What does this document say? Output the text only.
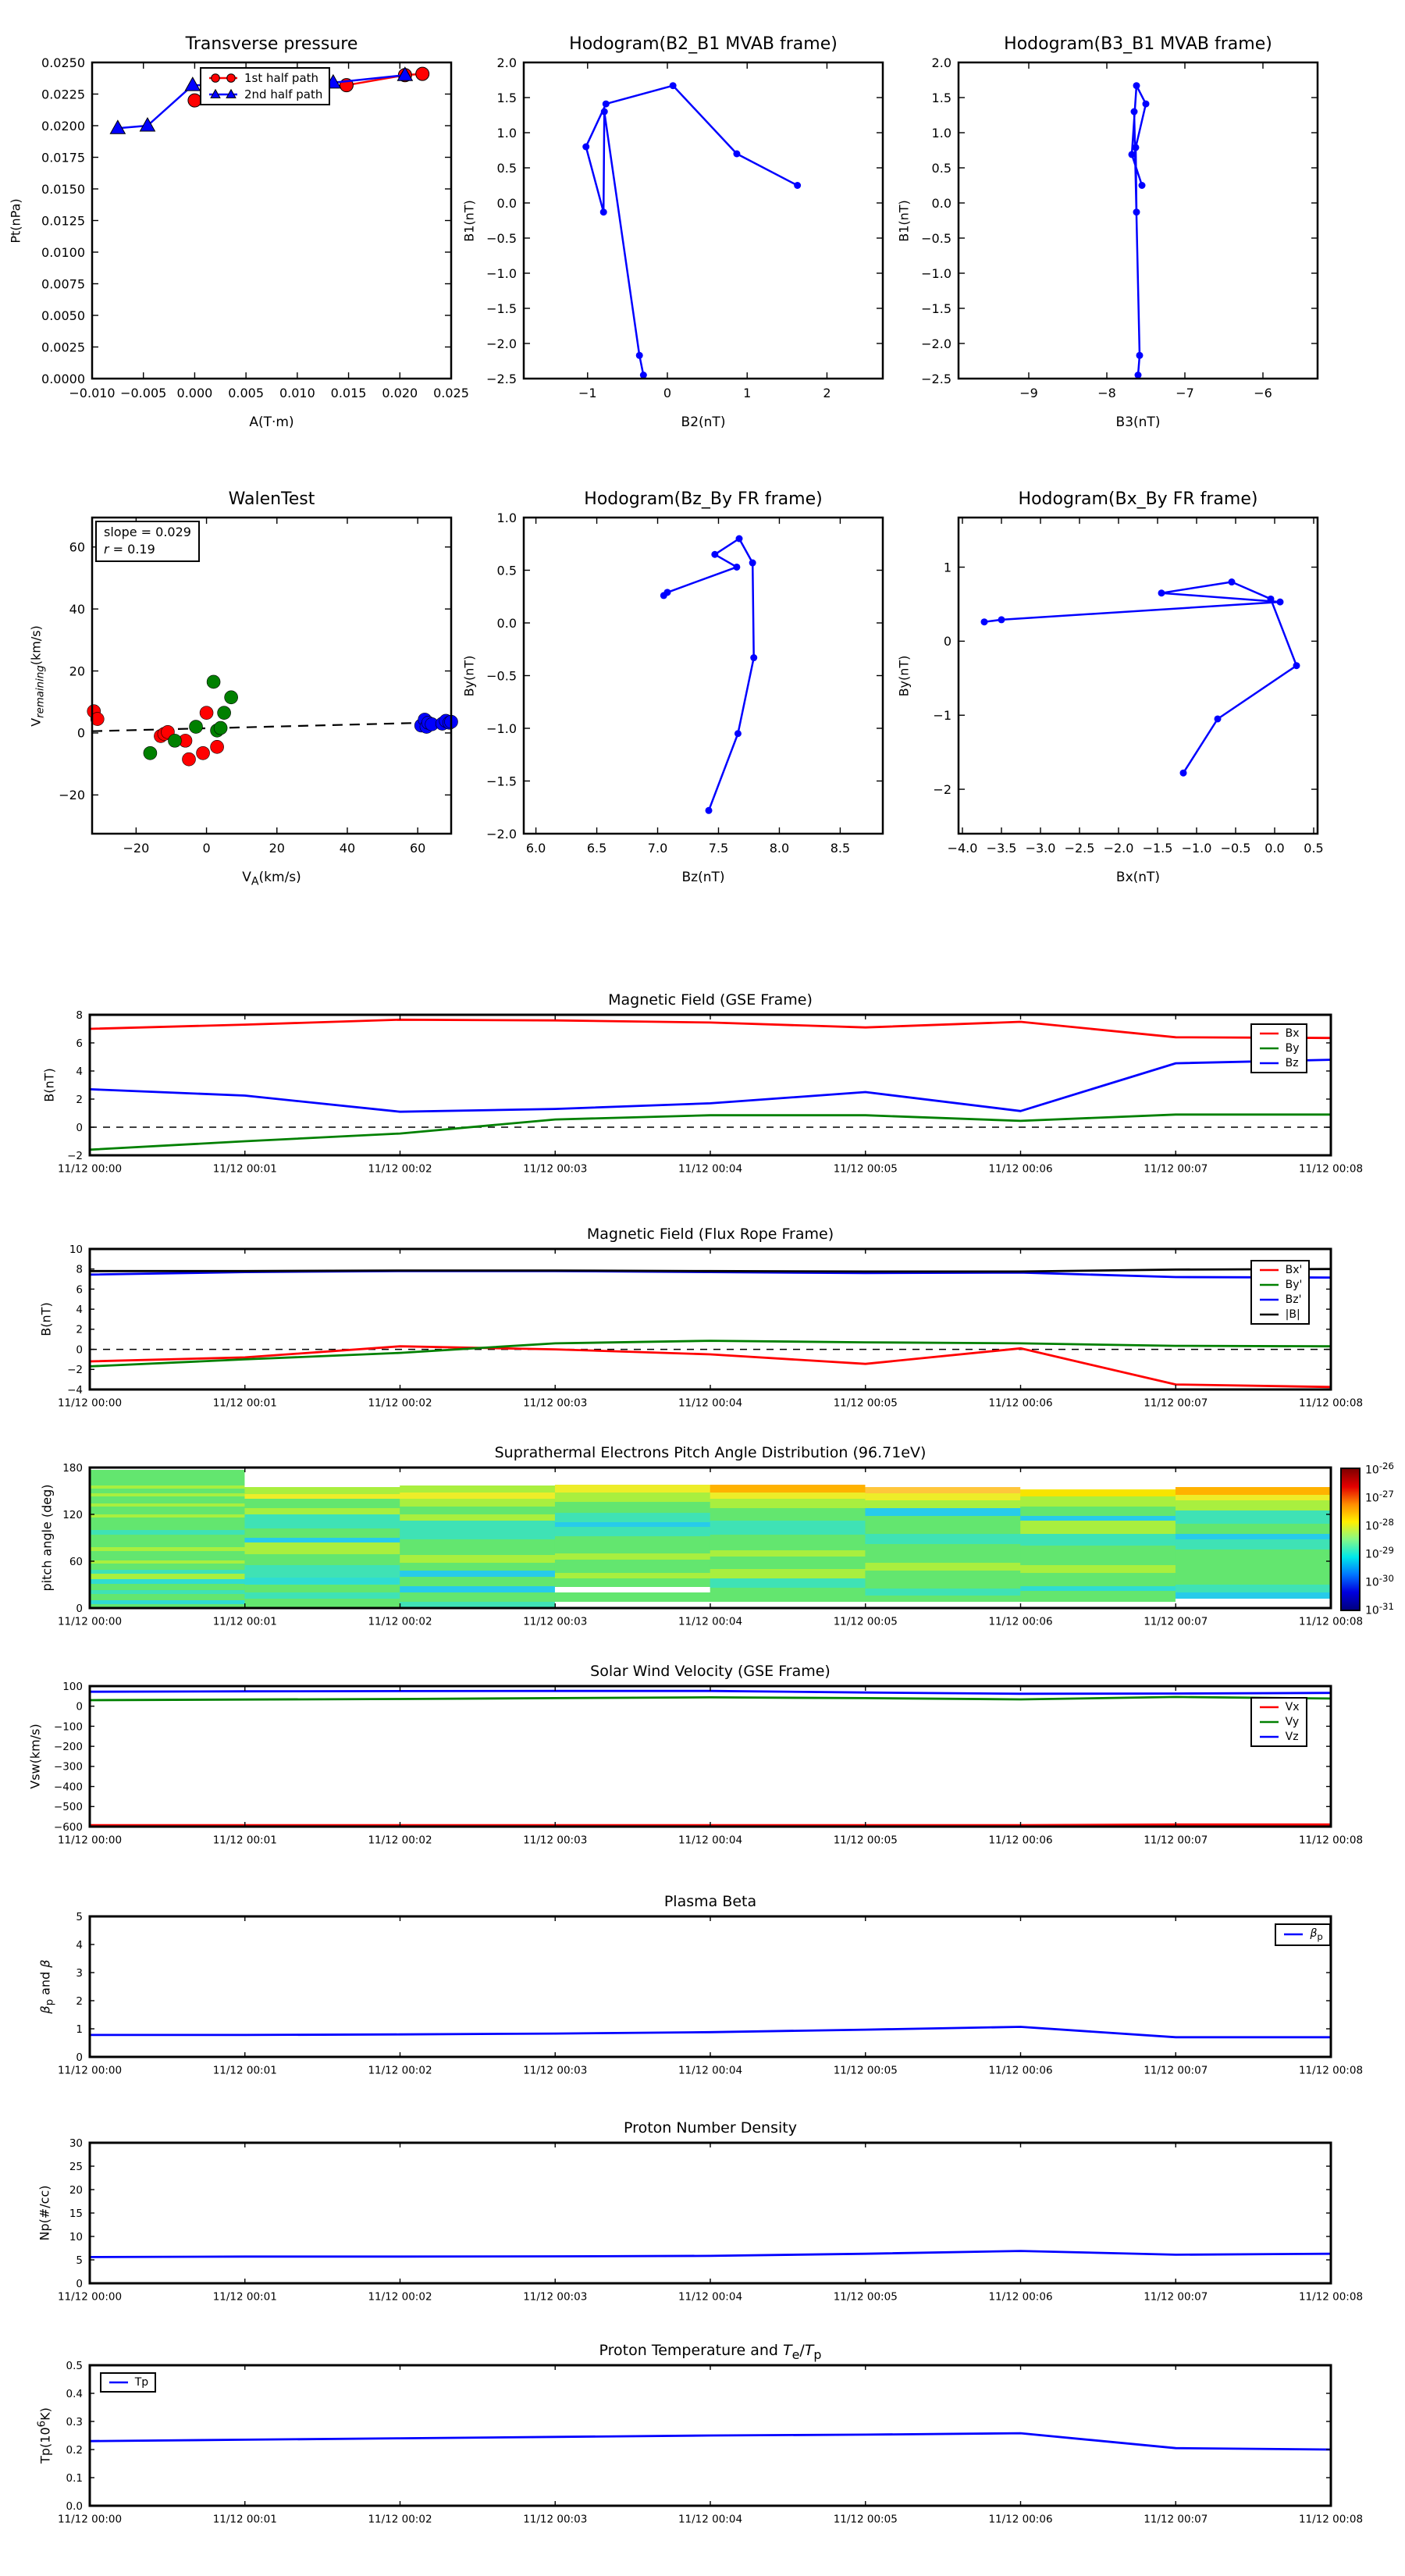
−0.010 −0.005 0.000 0.005 0.010 0.015 0.020 0.025
0.0000
0.0025
0.0050
0.0075
0.0100
0.0125
0.0150
0.0175
0.0200
0.0225
0.0250
Transverse pressure
A(T·m)
Pt(nPa)
1st half path
2nd half path
−1	0	1	2
2.0
1.5
1.0
0.5
0.0
−0.5
−1.0
−1.5
−2.0
−2.5
Hodogram(B2_B1 MVAB frame)
B2(nT)
B1(nT)
−9	−8	−7	−6
2.0
1.5
1.0
0.5
0.0
−0.5
−1.0
−1.5
−2.0
−2.5
Hodogram(B3_B1 MVAB frame)
B3(nT)
B1(nT)
−20	0	20	40	60
60
40
20
0
−20
WalenTest
$V_A(km/s)$
$V_{remaining}(km/s)$
slope = 0.029
r = 0.19
6.0	6.5	7.0	7.5	8.0	8.5
1.0
0.5
0.0
−0.5
−1.0
−1.5
−2.0
Hodogram(Bz_By FR frame)
Bz(nT)
By(nT)
−4.0 −3.5 −3.0 −2.5 −2.0 −1.5 −1.0 −0.5 0.0 0.5
1
0
−1
−2
Hodogram(Bx_By FR frame)
Bx(nT)
By(nT)
11/12 00:00	11/12 00:01	11/12 00:02	11/12 00:03	11/12 00:04	11/12 00:05	11/12 00:06	11/12 00:07	11/12 00:08
−2
0
2
4
6
8
Magnetic Field (GSE Frame)
B(nT)
Bx
By
Bz
11/12 00:00	11/12 00:01	11/12 00:02	11/12 00:03	11/12 00:04	11/12 00:05	11/12 00:06	11/12 00:07	11/12 00:08
−4
−2
0
2
4
6
8
10
Magnetic Field (Flux Rope Frame)
B(nT)
Bx'
By'
Bz'
|B|
11/12 00:00	11/12 00:01	11/12 00:02	11/12 00:03	11/12 00:04	11/12 00:05	11/12 00:06	11/12 00:07	11/12 00:08
0
60
120
180
Suprathermal Electrons Pitch Angle Distribution (96.71eV)
pitch angle (deg)
$10^{-26}$
$10^{-27}$
$10^{-28}$
$10^{-29}$
$10^{-30}$
$10^{-31}$
11/12 00:00	11/12 00:01	11/12 00:02	11/12 00:03	11/12 00:04	11/12 00:05	11/12 00:06	11/12 00:07	11/12 00:08
100
0
−100
−200
−300
−400
−500
−600
Solar Wind Velocity (GSE Frame)
Vsw(km/s)
Vx
Vy
Vz
11/12 00:00	11/12 00:01	11/12 00:02	11/12 00:03	11/12 00:04	11/12 00:05	11/12 00:06	11/12 00:07	11/12 00:08
0
1
2
3
4
5
Plasma Beta
$\beta_p$ and β
$\beta_p$
11/12 00:00	11/12 00:01	11/12 00:02	11/12 00:03	11/12 00:04	11/12 00:05	11/12 00:06	11/12 00:07	11/12 00:08
0
5
10
15
20
25
30
Proton Number Density
Np(#/cc)
11/12 00:00	11/12 00:01	11/12 00:02	11/12 00:03	11/12 00:04	11/12 00:05	11/12 00:06	11/12 00:07	11/12 00:08
0.0
0.1
0.2
0.3
0.4
0.5
Proton Temperature and $T_e/T_p$
$Tp(10^6K)$
Tp
